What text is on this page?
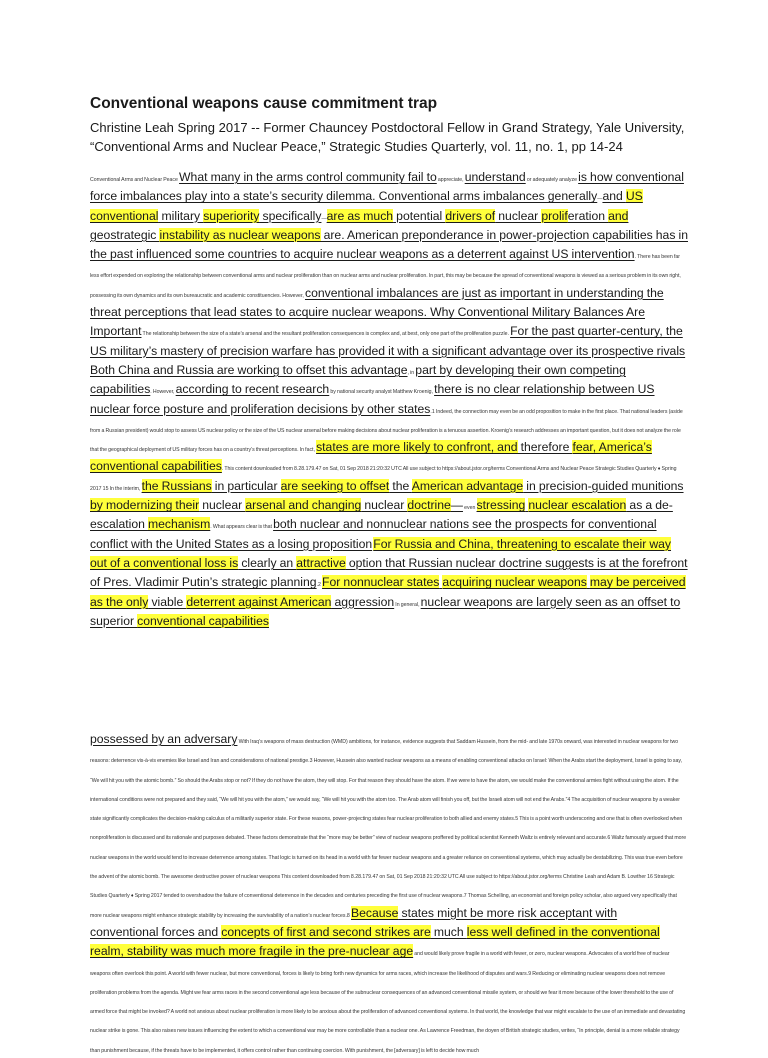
Conventional weapons cause commitment trap
Christine Leah Spring 2017 -- Former Chauncey Postdoctoral Fellow in Grand Strategy, Yale University, “Conventional Arms and Nuclear Peace,” Strategic Studies Quarterly, vol. 11, no. 1, pp 14-24

Conventional Arms and Nuclear Peace What many in the arms control community fail to appreciate, understand or adequately analyze is how conventional force imbalances play into a state’s security dilemma. Conventional arms imbalances generally—and US conventional military superiority specifically—are as much potential drivers of nuclear proliferation and geostrategic instability as nuclear weapons are. American preponderance in power-projection capabilities has in the past influenced some countries to acquire nuclear weapons as a deterrent against US intervention. There has been far less effort expended on exploring the relationship between conventional arms and nuclear proliferation than on nuclear arms and nuclear proliferation. In part, this may be because the spread of conventional weapons is viewed as a serious problem in its own right, possessing its own dynamics and its own bureaucratic and academic constituencies. However, conventional imbalances are just as important in understanding the threat perceptions that lead states to acquire nuclear weapons. Why Conventional Military Balances Are Important The relationship between the size of a state’s arsenal and the resultant proliferation consequences is complex and, at best, only one part of the proliferation puzzle. For the past quarter-century, the US military’s mastery of precision warfare has provided it with a significant advantage over its prospective rivals Both China and Russia are working to offset this advantage, in part by developing their own competing capabilities. However, according to recent research by national security analyst Matthew Kroenig, there is no clear relationship between US nuclear force posture and proliferation decisions by other states.1 Indeed, the connection may even be an odd proposition to make in the first place. That national leaders (aside from a Russian president) would stop to assess US nuclear policy or the size of the US nuclear arsenal before making decisions about nuclear proliferation is a tenuous assertion. Kroenig’s research addresses an important question, but it does not analyze the role that the geographical deployment of US military forces has on a country’s threat perceptions. In fact, states are more likely to confront, and therefore fear, America’s conventional capabilities. This content downloaded from 8.28.179.47 on Sat, 01 Sep 2018 21:20:32 UTC All use subject to https://about.jstor.org/terms Conventional Arms and Nuclear Peace Strategic Studies Quarterly ♦ Spring 2017 15 In the interim, the Russians in particular are seeking to offset the American advantage in precision-guided munitions by modernizing their nuclear arsenal and changing nuclear doctrine— even stressing nuclear escalation as a de-escalation mechanism. What appears clear is that both nuclear and nonnuclear nations see the prospects for conventional conflict with the United States as a losing proposition For Russia and China, threatening to escalate their way out of a conventional loss is clearly an attractive option that Russian nuclear doctrine suggests is at the forefront of Pres. Vladimir Putin’s strategic planning.2 For nonnuclear states acquiring nuclear weapons may be perceived as the only viable deterrent against American aggression In general, nuclear weapons are largely seen as an offset to superior conventional capabilities

possessed by an adversary With Iraq’s weapons of mass destruction (WMD) ambitions, for instance, evidence suggests that Saddam Hussein, from the mid- and late 1970s onward, was interested in nuclear weapons for two reasons: deterrence vis-à-vis enemies like Israel and Iran and considerations of national prestige.3 However, Hussein also wanted nuclear weapons as a means of enabling conventional attacks on Israel: When the Arabs start the deployment, Israel is going to say, “We will hit you with the atomic bomb.” So should the Arabs stop or not? If they do not have the atom, they will stop. For that reason they should have the atom. If we were to have the atom, we would make the conventional armies fight without using the atom. If the international conditions were not prepared and they said, “We will hit you with the atom,” we would say, “We will hit you with the atom too. The Arab atom will finish you off, but the Israeli atom will not end the Arabs.”4 The acquisition of nuclear weapons by a weaker state significantly complicates the decision-making calculus of a militarily superior state. For these reasons, power-projecting states fear nuclear proliferation to both allied and enemy states.5 This is a point worth underscoring and one that is often overlooked when nonproliferation is discussed and its rationale and purposes debated. These factors demonstrate that the “more may be better” view of nuclear weapons proffered by political scientist Kenneth Waltz is entirely relevant and accurate.6 Waltz famously argued that more nuclear weapons in the world would tend to increase deterrence among states. That logic is turned on its head in a world with far fewer nuclear weapons and a greater reliance on conventional systems, which may actually be destabilizing. This was true even before the advent of the atomic bomb. The awesome destructive power of nuclear weapons This content downloaded from 8.28.179.47 on Sat, 01 Sep 2018 21:20:32 UTC All use subject to https://about.jstor.org/terms Christine Leah and Adam B. Lowther 16 Strategic Studies Quarterly ♦ Spring 2017 tended to overshadow the failure of conventional deterrence in the decades and centuries preceding the first use of nuclear weapons.7 Thomas Schelling, an economist and foreign policy scholar, also argued very specifically that more nuclear weapons might enhance strategic stability by increasing the survivability of a nation’s nuclear forces.8 Because states might be more risk acceptant with conventional forces and concepts of first and second strikes are much less well defined in the conventional realm, stability was much more fragile in the pre-nuclear age and would likely prove fragile in a world with fewer, or zero, nuclear weapons. Advocates of a world free of nuclear weapons often overlook this point. A world with fewer nuclear, but more conventional, forces is likely to bring forth new dynamics for arms races, which increase the likelihood of disputes and wars.9 Reducing or eliminating nuclear weapons does not remove proliferation problems from the agenda. Might we fear arms races in the second conventional age less because of the subnuclear consequences of an advanced conventional missile system, or should we fear it more because of the lower threshold to the use of armed force that might be invoked? A world not anxious about nuclear proliferation is more likely to be anxious about the proliferation of advanced conventional systems. In that world, the knowledge that war might escalate to the use of an immediate and devastating nuclear strike is gone. This also raises new issues influencing the extent to which a conventional war may be more controllable than a nuclear one. As Lawrence Freedman, the doyen of British strategic studies, writes, “In principle, denial is a more reliable strategy than punishment because, if the threats have to be implemented, it offers control rather than continuing coercion. With punishment, the [adversary] is left to decide how much
